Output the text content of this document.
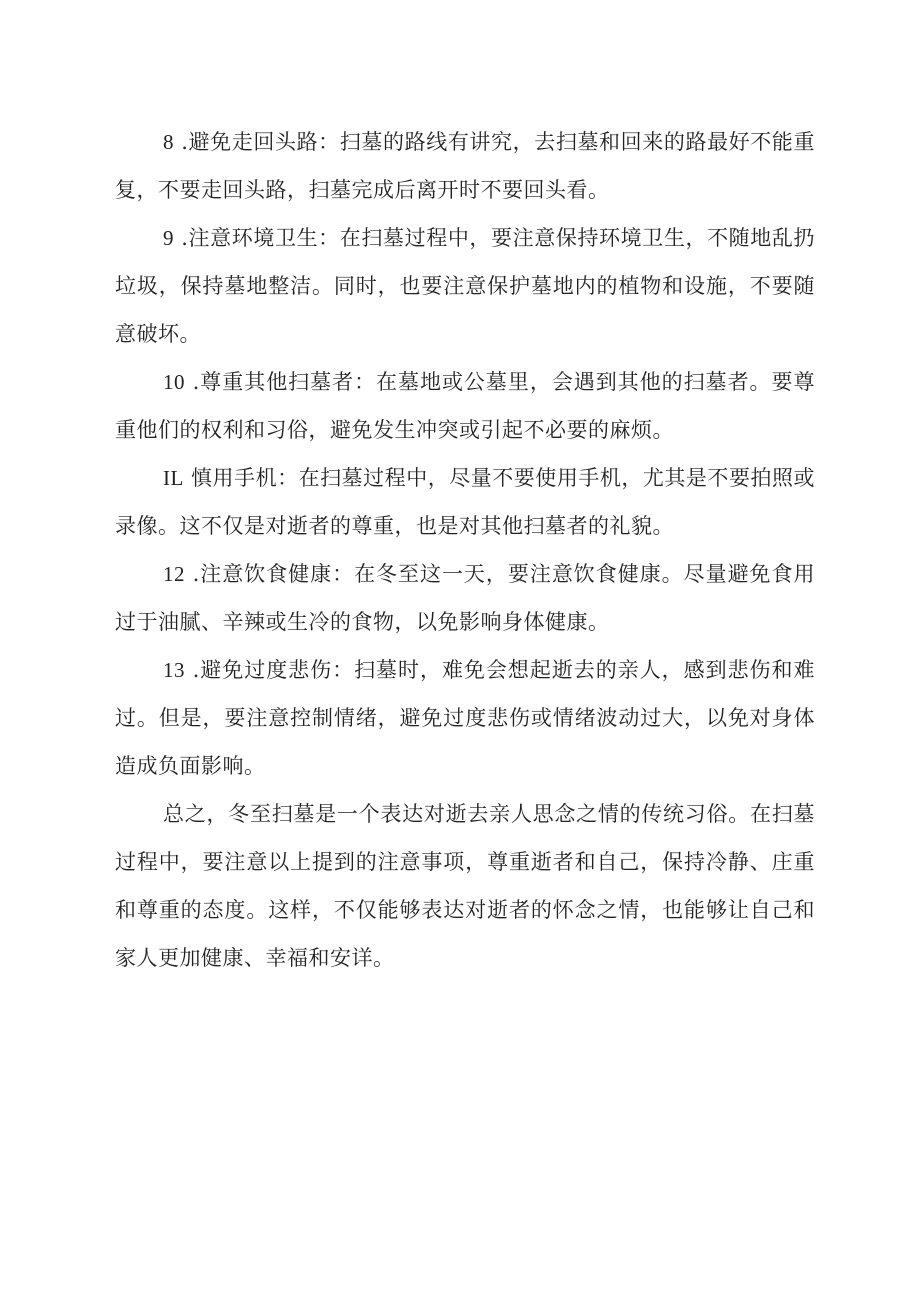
8 .避免走回头路：扫墓的路线有讲究，去扫墓和回来的路最好不能重复，不要走回头路，扫墓完成后离开时不要回头看。

9 .注意环境卫生：在扫墓过程中，要注意保持环境卫生，不随地乱扔垃圾，保持墓地整洁。同时，也要注意保护墓地内的植物和设施，不要随意破坏。

10 .尊重其他扫墓者：在墓地或公墓里，会遇到其他的扫墓者。要尊重他们的权利和习俗，避免发生冲突或引起不必要的麻烦。

IL 慎用手机：在扫墓过程中，尽量不要使用手机，尤其是不要拍照或录像。这不仅是对逝者的尊重，也是对其他扫墓者的礼貌。

12 .注意饮食健康：在冬至这一天，要注意饮食健康。尽量避免食用过于油腻、辛辣或生冷的食物，以免影响身体健康。

13 .避免过度悲伤：扫墓时，难免会想起逝去的亲人，感到悲伤和难过。但是，要注意控制情绪，避免过度悲伤或情绪波动过大，以免对身体造成负面影响。

总之，冬至扫墓是一个表达对逝去亲人思念之情的传统习俗。在扫墓过程中，要注意以上提到的注意事项，尊重逝者和自己，保持冷静、庄重和尊重的态度。这样，不仅能够表达对逝者的怀念之情，也能够让自己和家人更加健康、幸福和安详。
